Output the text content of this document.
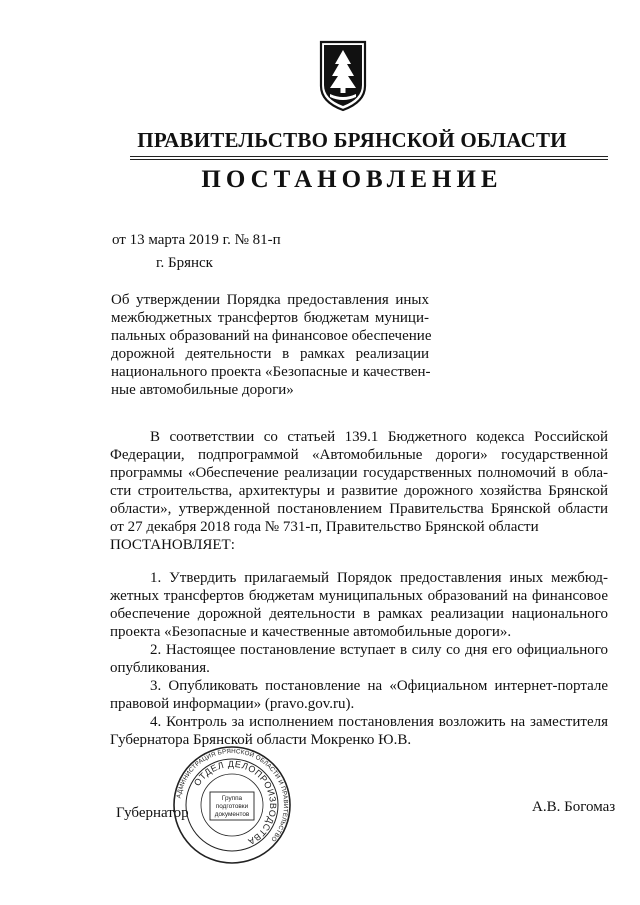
ПРАВИТЕЛЬСТВО БРЯНСКОЙ ОБЛАСТИ
ПОСТАНОВЛЕНИЕ
от 13 марта 2019 г. № 81-п
г. Брянск
Об утверждении Порядка предоставления иных
межбюджетных трансфертов бюджетам муници-
пальных образований на финансовое обеспечение
дорожной деятельности в рамках реализации
национального проекта «Безопасные и качествен-
ные автомобильные дороги»
В соответствии со статьей 139.1 Бюджетного кодекса Российской
Федерации, подпрограммой «Автомобильные дороги» государственной
программы «Обеспечение реализации государственных полномочий в обла-
сти строительства, архитектуры и развитие дорожного хозяйства Брянской
области», утвержденной постановлением Правительства Брянской области
от 27 декабря 2018 года № 731-п, Правительство Брянской области
ПОСТАНОВЛЯЕТ:
1. Утвердить прилагаемый Порядок предоставления иных межбюд-
жетных трансфертов бюджетам муниципальных образований на финансовое
обеспечение дорожной деятельности в рамках реализации национального
проекта «Безопасные и качественные автомобильные дороги».
2. Настоящее постановление вступает в силу со дня его официального
опубликования.
3. Опубликовать постановление на «Официальном интернет-портале
правовой информации» (pravo.gov.ru).
4. Контроль за исполнением постановления возложить на заместителя
Губернатора Брянской области Мокренко Ю.В.
Губернатор	А.В. Богомаз
АДМИНИСТРАЦИЯ БРЯНСКОЙ ОБЛАСТИ И ПРАВИТЕЛЬСТВО
ОТДЕЛ ДЕЛОПРОИЗВОДСТВА
Группа
подготовки
документов
